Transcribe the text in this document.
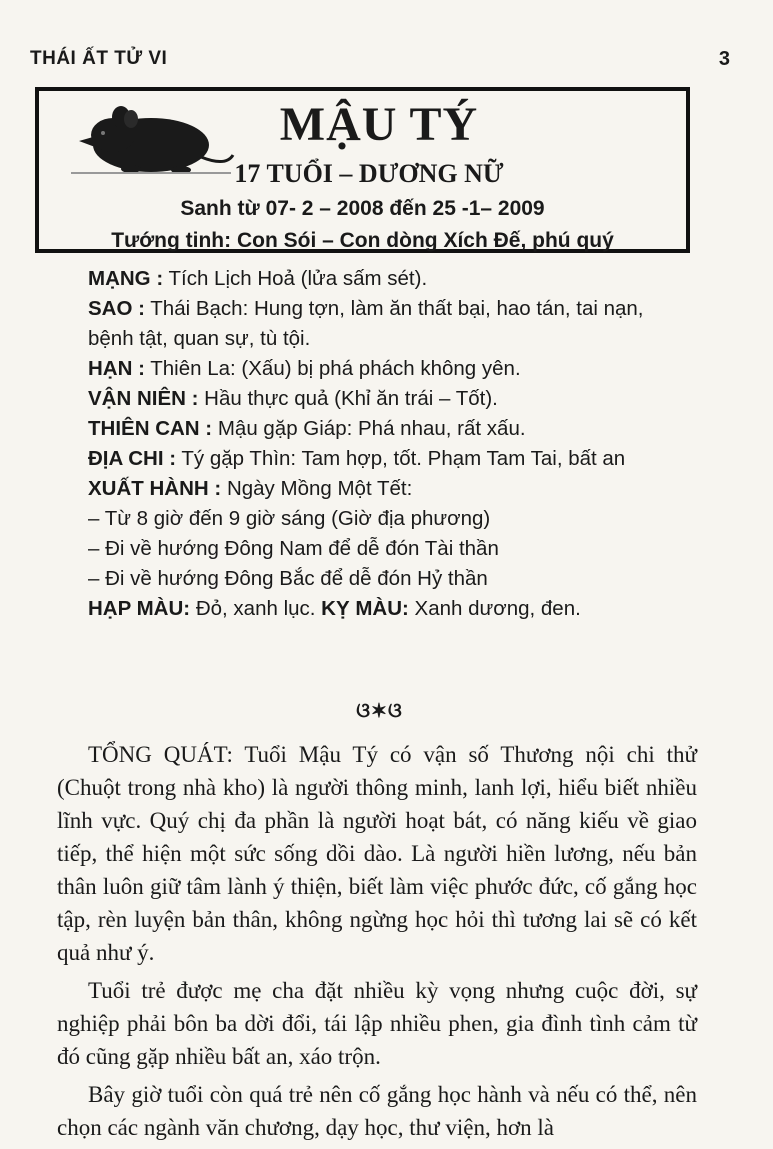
THÁI ẤT TỬ VI	3
MẬU TÝ
17 TUỔI – DƯƠNG NỮ
Sanh từ 07- 2 – 2008 đến 25 -1– 2009
Tướng tinh: Con Sói – Con dòng Xích Đế, phú quý
MẠNG : Tích Lịch Hoả (lửa sấm sét).
SAO : Thái Bạch: Hung tợn, làm ăn thất bại, hao tán, tai nạn,
bệnh tật, quan sự, tù tội.
HẠN : Thiên La: (Xấu) bị phá phách không yên.
VẬN NIÊN : Hầu thực quả (Khỉ ăn trái – Tốt).
THIÊN CAN : Mậu gặp Giáp: Phá nhau, rất xấu.
ĐỊA CHI : Tý gặp Thìn: Tam hợp, tốt. Phạm Tam Tai, bất an
XUẤT HÀNH : Ngày Mồng Một Tết:
– Từ 8 giờ đến 9 giờ sáng (Giờ địa phương)
– Đi về hướng Đông Nam để dễ đón Tài thần
– Đi về hướng Đông Bắc để dễ đón Hỷ thần
HẠP MÀU: Đỏ, xanh lục. KỴ MÀU: Xanh dương, đen.
ଓ✶ଓ

TỔNG QUÁT: Tuổi Mậu Tý có vận số Thương nội chi thử (Chuột trong nhà kho) là người thông minh, lanh lợi, hiểu biết nhiều lĩnh vực. Quý chị đa phần là người hoạt bát, có năng kiếu về giao tiếp, thể hiện một sức sống dồi dào. Là người hiền lương, nếu bản thân luôn giữ tâm lành ý thiện, biết làm việc phước đức, cố gắng học tập, rèn luyện bản thân, không ngừng học hỏi thì tương lai sẽ có kết quả như ý.

Tuổi trẻ được mẹ cha đặt nhiều kỳ vọng nhưng cuộc đời, sự nghiệp phải bôn ba dời đổi, tái lập nhiều phen, gia đình tình cảm từ đó cũng gặp nhiều bất an, xáo trộn.

Bây giờ tuổi còn quá trẻ nên cố gắng học hành và nếu có thể, nên chọn các ngành văn chương, dạy học, thư viện, hơn là
